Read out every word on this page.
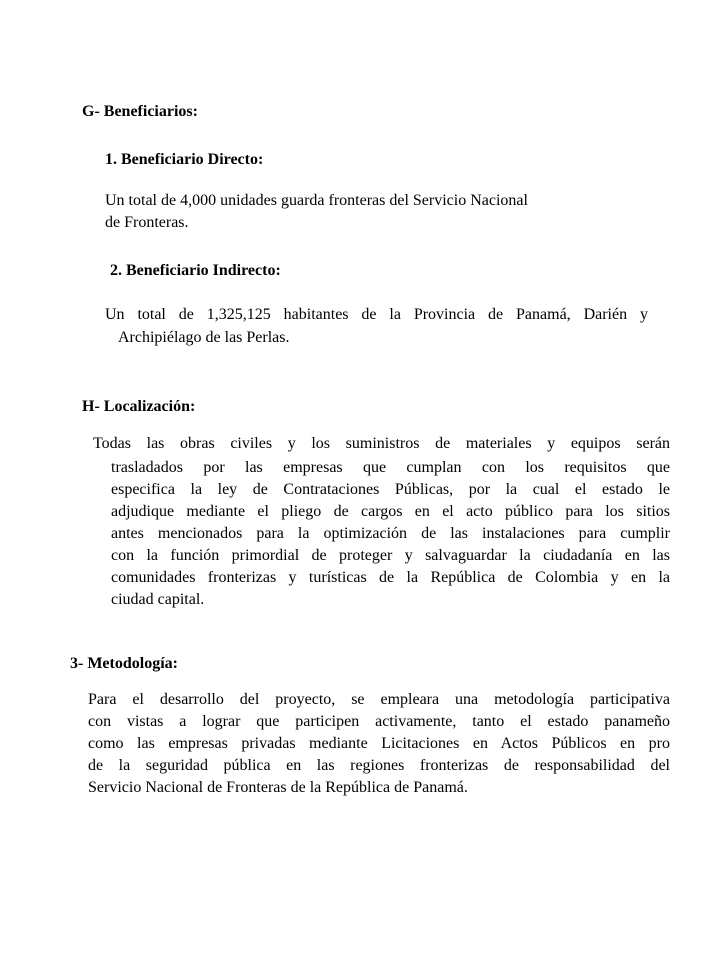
G- Beneficiarios:
1. Beneficiario Directo:
Un total de 4,000 unidades guarda fronteras del Servicio Nacional
de Fronteras.
2. Beneficiario Indirecto:
Un total de 1,325,125 habitantes de la Provincia de Panamá, Darién y
Archipiélago de las Perlas.
H- Localización:
Todas las obras civiles y los suministros de materiales y equipos serán
trasladados por las empresas que cumplan con los requisitos que
especifica la ley de Contrataciones Públicas, por la cual el estado le
adjudique mediante el pliego de cargos en el acto público para los sitios
antes mencionados para la optimización de las instalaciones para cumplir
con la función primordial de proteger y salvaguardar la ciudadanía en las
comunidades fronterizas y turísticas de la República de Colombia y en la
ciudad capital.
3- Metodología:
Para el desarrollo del proyecto, se empleara una metodología participativa
con vistas a lograr que participen activamente, tanto el estado panameño
como las empresas privadas mediante Licitaciones en Actos Públicos en pro
de la seguridad pública en las regiones fronterizas de responsabilidad del
Servicio Nacional de Fronteras de la República de Panamá.
